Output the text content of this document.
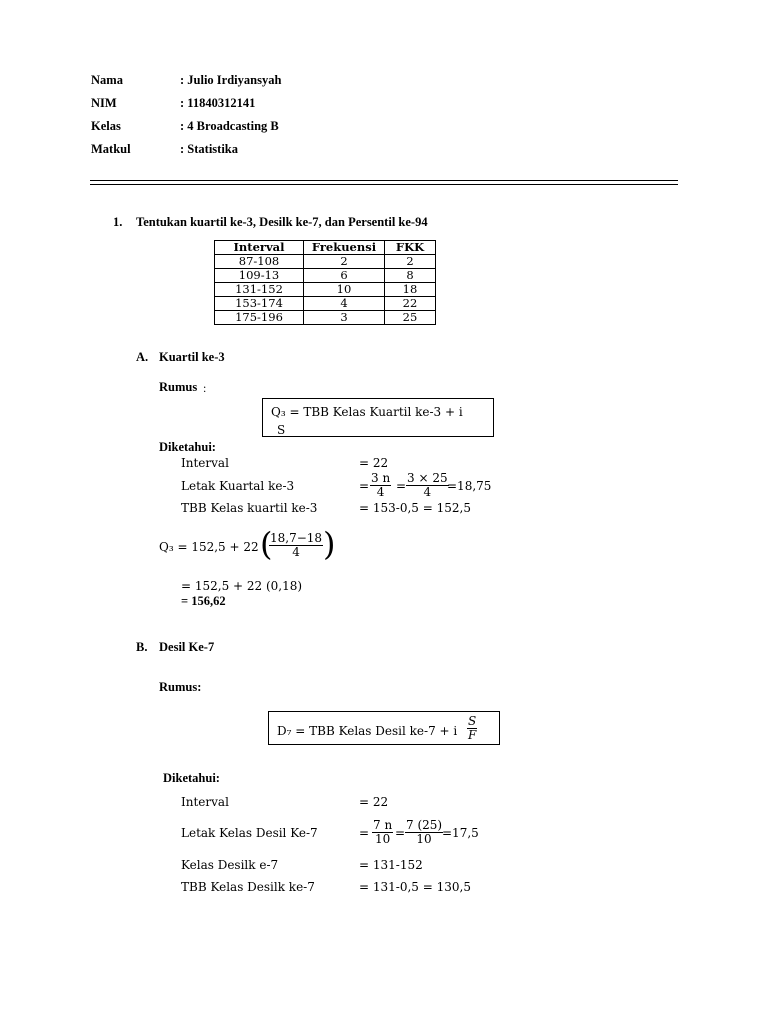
Nama	: Julio Irdiyansyah
NIM	: 11840312141
Kelas	: 4 Broadcasting B
Matkul	: Statistika
1. Tentukan kuartil ke-3, Desilk ke-7, dan Persentil ke-94
Interval	Frekuensi	FKK
87-108	2	2
109-13	6	8
131-152	10	18
153-174	4	22
175-196	3	25
A. Kuartil ke-3
Rumus :
Q₃ = TBB Kelas Kuartil ke-3 + i
S
Diketahui:
Interval	= 22
Letak Kuartal ke-3	= $\frac{3 n}{4} = \frac{3 \times 25}{4}$
=18,75
TBB Kelas kuartil ke-3	= 153-0,5 = 152,5
Q₃ = 152,5 + 22 (
$\frac{18,7-18}{4}$ )
= 152,5 + 22 (0,18)
= 156,62
B. Desil Ke-7
Rumus:
D₇ = TBB Kelas Desil ke-7 + i $\frac{S}{F}$
Diketahui:
Interval	= 22
Letak Kelas Desil Ke-7	= $\frac{7 n}{10} = \frac{7 (25)}{10}$
=17,5
Kelas Desilk e-7	= 131-152
TBB Kelas Desilk ke-7	= 131-0,5 = 130,5
